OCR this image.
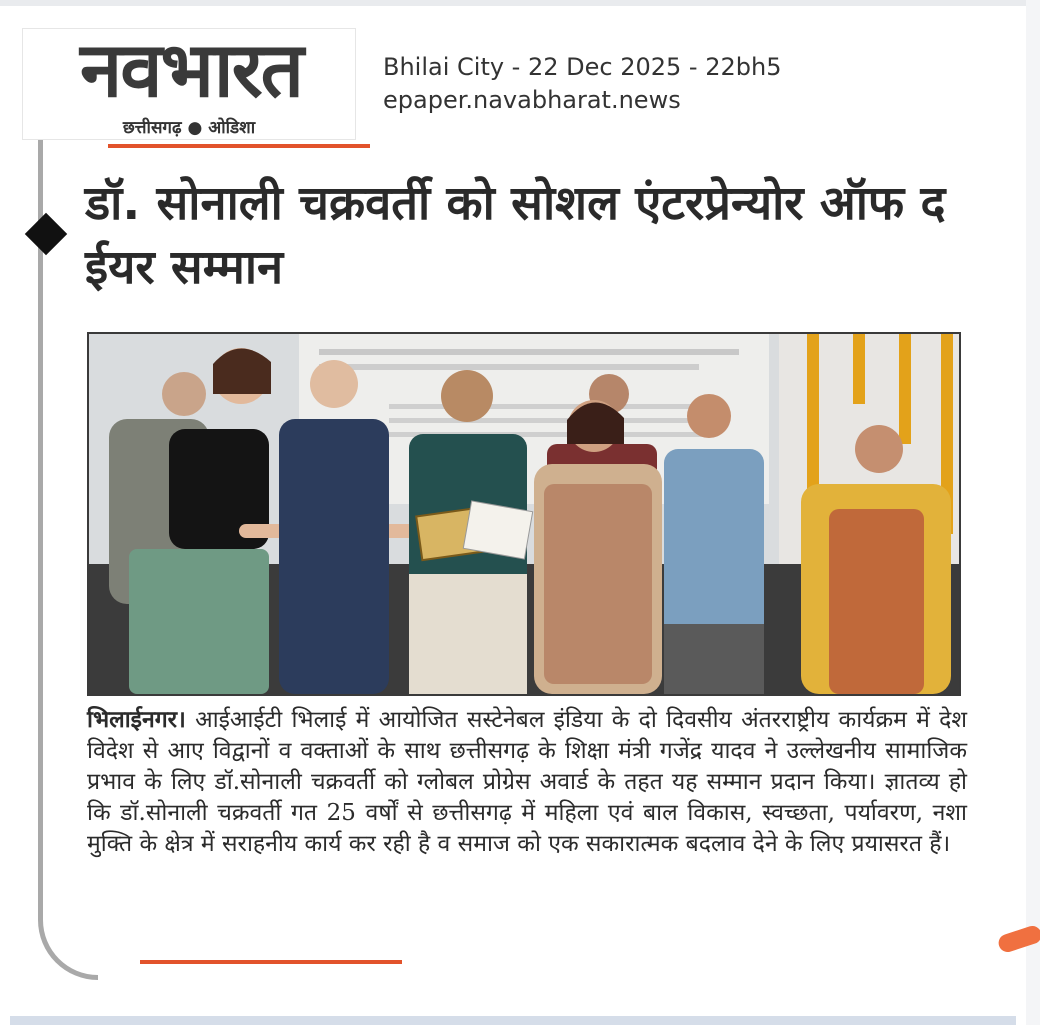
नवभारत
छत्तीसगढ़ ● ओडिशा
Bhilai City - 22 Dec 2025 - 22bh5
epaper.navabharat.news
डॉ. सोनाली चक्रवर्ती को सोशल एंटरप्रेन्योर ऑफ द ईयर सम्मान

भिलाईनगर। आईआईटी भिलाई में आयोजित सस्टेनेबल इंडिया के दो दिवसीय अंतरराष्ट्रीय कार्यक्रम में देश विदेश से आए विद्वानों व वक्ताओं के साथ छत्तीसगढ़ के शिक्षा मंत्री गजेंद्र यादव ने उल्लेखनीय सामाजिक प्रभाव के लिए डॉ.सोनाली चक्रवर्ती को ग्लोबल प्रोग्रेस अवार्ड के तहत यह सम्मान प्रदान किया। ज्ञातव्य हो कि डॉ.सोनाली चक्रवर्ती गत 25 वर्षों से छत्तीसगढ़ में महिला एवं बाल विकास, स्वच्छता, पर्यावरण, नशा मुक्ति के क्षेत्र में सराहनीय कार्य कर रही है व समाज को एक सकारात्मक बदलाव देने के लिए प्रयासरत हैं।
